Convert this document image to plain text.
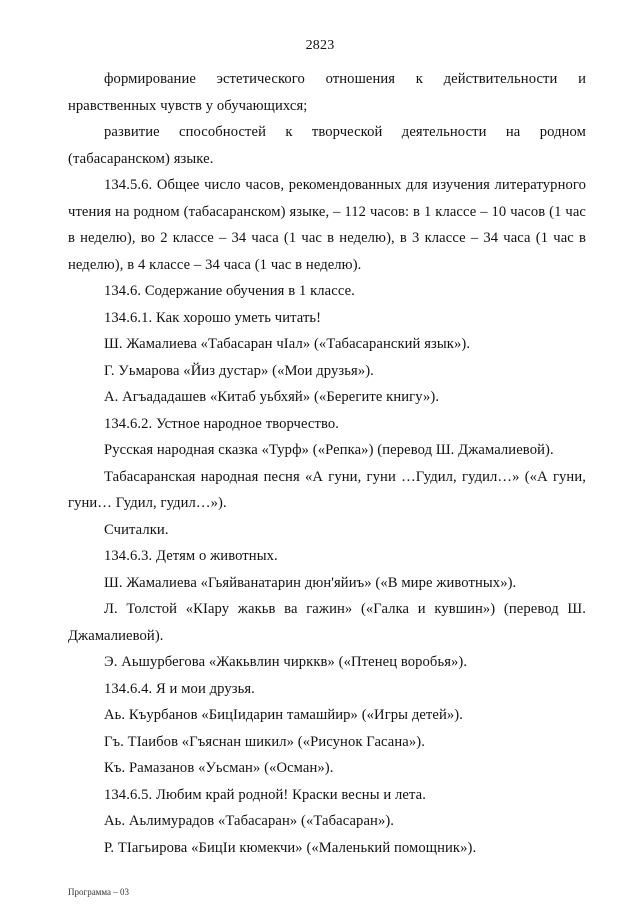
2823

формирование эстетического отношения к действительности и нравственных чувств у обучающихся;

развитие способностей к творческой деятельности на родном (табасаранском) языке.

134.5.6. Общее число часов, рекомендованных для изучения литературного чтения на родном (табасаранском) языке, – 112 часов: в 1 классе – 10 часов (1 час в неделю), во 2 классе – 34 часа (1 час в неделю), в 3 классе – 34 часа (1 час в неделю), в 4 классе – 34 часа (1 час в неделю).

134.6. Содержание обучения в 1 классе.

134.6.1. Как хорошо уметь читать!

Ш. Жамалиева «Табасаран чIал» («Табасаранский язык»).

Г. Уьмарова «Йиз дустар» («Мои друзья»).

А. Агъададашев «Китаб уьбхяй» («Берегите книгу»).

134.6.2. Устное народное творчество.

Русская народная сказка «Турф» («Репка») (перевод Ш. Джамалиевой).

Табасаранская народная песня «А гуни, гуни …Гудил, гудил…» («А гуни, гуни… Гудил, гудил…»).

Считалки.

134.6.3. Детям о животных.

Ш. Жамалиева «Гьяйванатарин дюн'яйиъ» («В мире животных»).

Л. Толстой «КIару жакьв ва гажин» («Галка и кувшин») (перевод Ш. Джамалиевой).

Э. Аьшурбегова «Жакьвлин чирккв» («Птенец воробья»).

134.6.4. Я и мои друзья.

Аь. Къурбанов «БицIидарин тамашйир» («Игры детей»).

Гъ. ТIаибов «Гъяснан шикил» («Рисунок Гасана»).

Къ. Рамазанов «Уьсман» («Осман»).

134.6.5. Любим край родной! Краски весны и лета.

Аь. Аьлимурадов «Табасаран» («Табасаран»).

Р. ТIагьирова «БицIи кюмекчи» («Маленький помощник»).

Программа – 03
